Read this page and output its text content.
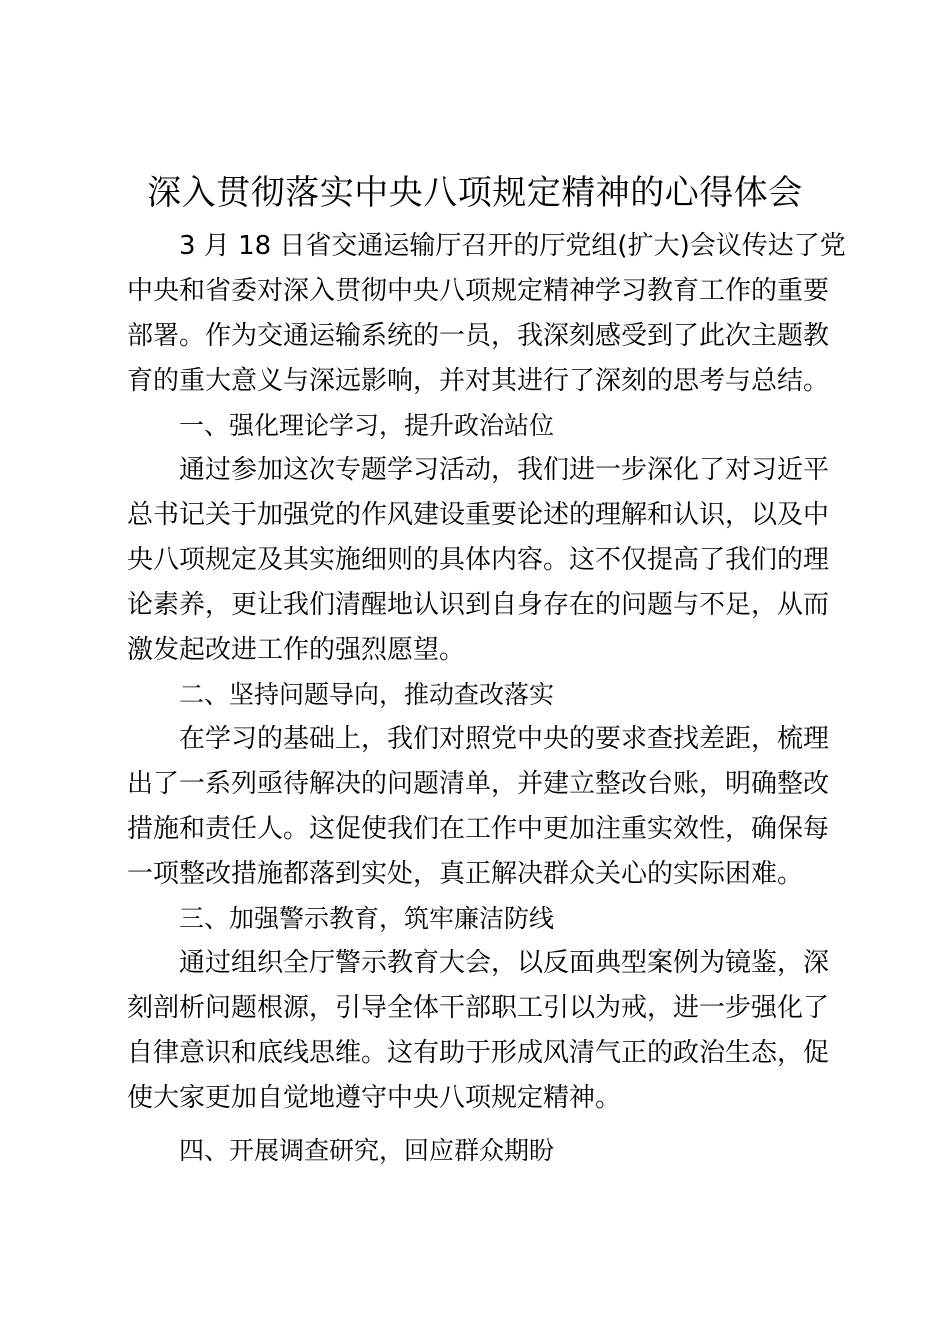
深入贯彻落实中央八项规定精神的心得体会
3 月 18 日省交通运输厅召开的厅党组(扩大)会议传达了党
中央和省委对深入贯彻中央八项规定精神学习教育工作的重要
部署。作为交通运输系统的一员，我深刻感受到了此次主题教
育的重大意义与深远影响，并对其进行了深刻的思考与总结。
一、强化理论学习，提升政治站位
通过参加这次专题学习活动，我们进一步深化了对习近平
总书记关于加强党的作风建设重要论述的理解和认识，以及中
央八项规定及其实施细则的具体内容。这不仅提高了我们的理
论素养，更让我们清醒地认识到自身存在的问题与不足，从而
激发起改进工作的强烈愿望。
二、坚持问题导向，推动查改落实
在学习的基础上，我们对照党中央的要求查找差距，梳理
出了一系列亟待解决的问题清单，并建立整改台账，明确整改
措施和责任人。这促使我们在工作中更加注重实效性，确保每
一项整改措施都落到实处，真正解决群众关心的实际困难。
三、加强警示教育，筑牢廉洁防线
通过组织全厅警示教育大会，以反面典型案例为镜鉴，深
刻剖析问题根源，引导全体干部职工引以为戒，进一步强化了
自律意识和底线思维。这有助于形成风清气正的政治生态，促
使大家更加自觉地遵守中央八项规定精神。
四、开展调查研究，回应群众期盼
